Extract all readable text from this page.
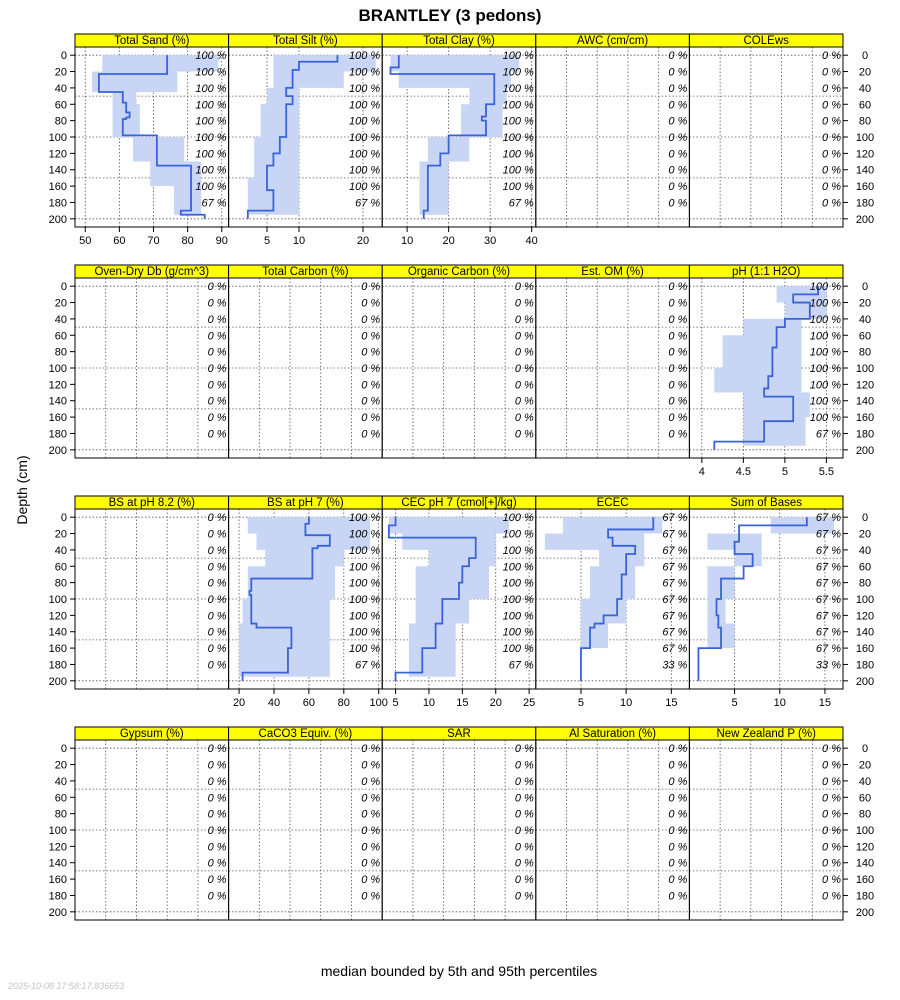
BRANTLEY (3 pedons)
Total Sand (%)
100 %
100 %
100 %
100 %
100 %
100 %
100 %
100 %
100 %
67 %
50 60 70 80 90
0
20
40
60
80
100
120
140
160
180
200
Total Silt (%)
100 %
100 %
100 %
100 %
100 %
100 %
100 %
100 %
100 %
67 %
5 10	20
Total Clay (%)
100 %
100 %
100 %
100 %
100 %
100 %
100 %
100 %
100 %
67 %
10	20	30	40
AWC (cm/cm)
0 %
0 %
0 %
0 %
0 %
0 %
0 %
0 %
0 %
0 %
COLEws
0 %
0 %
0 %
0 %
0 %
0 %
0 %
0 %
0 %
0 %
0
20
40
60
80
100
120
140
160
180
200
Oven-Dry Db (g/cm^3)
0 %
0 %
0 %
0 %
0 %
0 %
0 %
0 %
0 %
0 %
0
20
40
60
80
100
120
140
160
180
200
Total Carbon (%)
0 %
0 %
0 %
0 %
0 %
0 %
0 %
0 %
0 %
0 %
Organic Carbon (%)
0 %
0 %
0 %
0 %
0 %
0 %
0 %
0 %
0 %
0 %
Est. OM (%)
0 %
0 %
0 %
0 %
0 %
0 %
0 %
0 %
0 %
0 %
pH (1:1 H2O)
100 %
100 %
100 %
100 %
100 %
100 %
100 %
100 %
100 %
67 %
4	4.5	5	5.5
0
20
40
60
80
100
120
140
160
180
200
BS at pH 8.2 (%)
0 %
0 %
0 %
0 %
0 %
0 %
0 %
0 %
0 %
0 %
0
20
40
60
80
100
120
140
160
180
200
BS at pH 7 (%)
100 %
100 %
100 %
100 %
100 %
100 %
100 %
100 %
100 %
67 %
20 40 60 80 100
CEC pH 7 (cmol[+]/kg)
100 %
100 %
100 %
100 %
100 %
100 %
100 %
100 %
100 %
67 %
5 10 15 20 25
ECEC
67 %
67 %
67 %
67 %
67 %
67 %
67 %
67 %
67 %
33 %
5	10	15
Sum of Bases
67 %
67 %
67 %
67 %
67 %
67 %
67 %
67 %
67 %
33 %
5	10	15
0
20
40
60
80
100
120
140
160
180
200
Gypsum (%)
0 %
0 %
0 %
0 %
0 %
0 %
0 %
0 %
0 %
0 %
0
20
40
60
80
100
120
140
160
180
200
CaCO3 Equiv. (%)
0 %
0 %
0 %
0 %
0 %
0 %
0 %
0 %
0 %
0 %
SAR
0 %
0 %
0 %
0 %
0 %
0 %
0 %
0 %
0 %
0 %
Al Saturation (%)
0 %
0 %
0 %
0 %
0 %
0 %
0 %
0 %
0 %
0 %
New Zealand P (%)
0 %
0 %
0 %
0 %
0 %
0 %
0 %
0 %
0 %
0 %
0
20
40
60
80
100
120
140
160
180
200
Depth (cm)
median bounded by 5th and 95th percentiles
2025-10-08 17:58:17.836653
